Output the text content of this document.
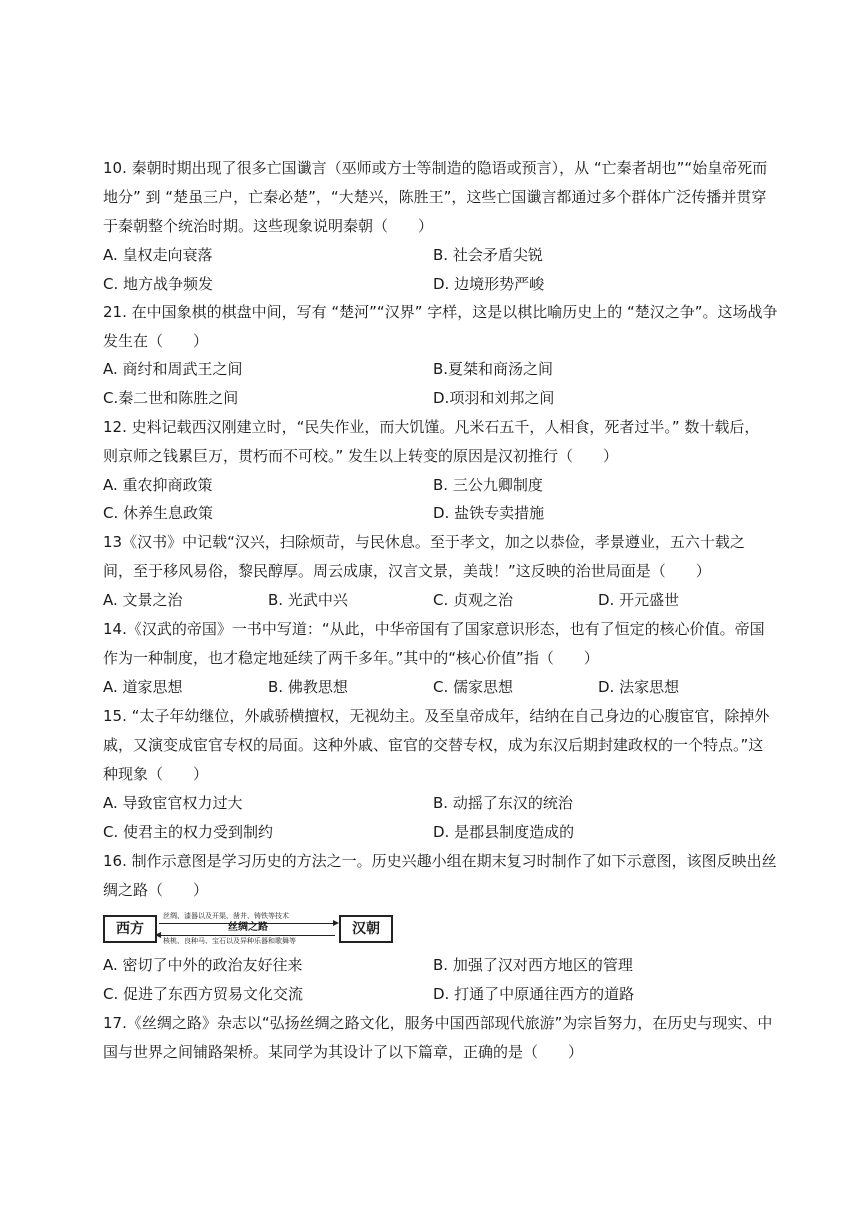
10. 秦朝时期出现了很多亡国谶言（巫师或方士等制造的隐语或预言），从 “亡秦者胡也”“始皇帝死而
地分” 到 “楚虽三户，亡秦必楚”，“大楚兴，陈胜王”，这些亡国谶言都通过多个群体广泛传播并贯穿
于秦朝整个统治时期。这些现象说明秦朝（　　）
A. 皇权走向衰落	B. 社会矛盾尖锐
C. 地方战争频发	D. 边境形势严峻
21. 在中国象棋的棋盘中间，写有 “楚河”“汉界” 字样，这是以棋比喻历史上的 “楚汉之争”。这场战争
发生在（　　）
A. 商纣和周武王之间	B.夏桀和商汤之间
C.秦二世和陈胜之间	D.项羽和刘邦之间
12. 史料记载西汉刚建立时，“民失作业，而大饥馑。凡米石五千，人相食，死者过半。” 数十载后，
则京师之钱累巨万，贯朽而不可校。” 发生以上转变的原因是汉初推行（　　）
A. 重农抑商政策	B. 三公九卿制度
C. 休养生息政策	D. 盐铁专卖措施
13《汉书》中记载“汉兴，扫除烦苛，与民休息。至于孝文，加之以恭俭，孝景遵业，五六十载之
间，至于移风易俗，黎民醇厚。周云成康，汉言文景，美哉！”这反映的治世局面是（　　）
A. 文景之治	B. 光武中兴	C. 贞观之治	D. 开元盛世
14.《汉武的帝国》一书中写道：“从此，中华帝国有了国家意识形态，也有了恒定的核心价值。帝国
作为一种制度，也才稳定地延续了两千多年。”其中的“核心价值”指（　　）
A. 道家思想	B. 佛教思想	C. 儒家思想	D. 法家思想
15. “太子年幼继位，外戚骄横擅权，无视幼主。及至皇帝成年，结纳在自己身边的心腹宦官，除掉外
戚，又演变成宦官专权的局面。这种外戚、宦官的交替专权，成为东汉后期封建政权的一个特点。”这
种现象（　　）
A. 导致宦官权力过大	B. 动摇了东汉的统治
C. 使君主的权力受到制约	D. 是郡县制度造成的
16. 制作示意图是学习历史的方法之一。历史兴趣小组在期末复习时制作了如下示意图，该图反映出丝
绸之路（　　）
西方	汉朝
丝绸、漆器以及开渠、凿井、铸铁等技术
丝绸之路
核桃、良种马、宝石以及异种乐器和歌舞等
A. 密切了中外的政治友好往来	B. 加强了汉对西方地区的管理
C. 促进了东西方贸易文化交流	D. 打通了中原通往西方的道路
17.《丝绸之路》杂志以“弘扬丝绸之路文化，服务中国西部现代旅游”为宗旨努力，在历史与现实、中
国与世界之间铺路架桥。某同学为其设计了以下篇章，正确的是（　　）
